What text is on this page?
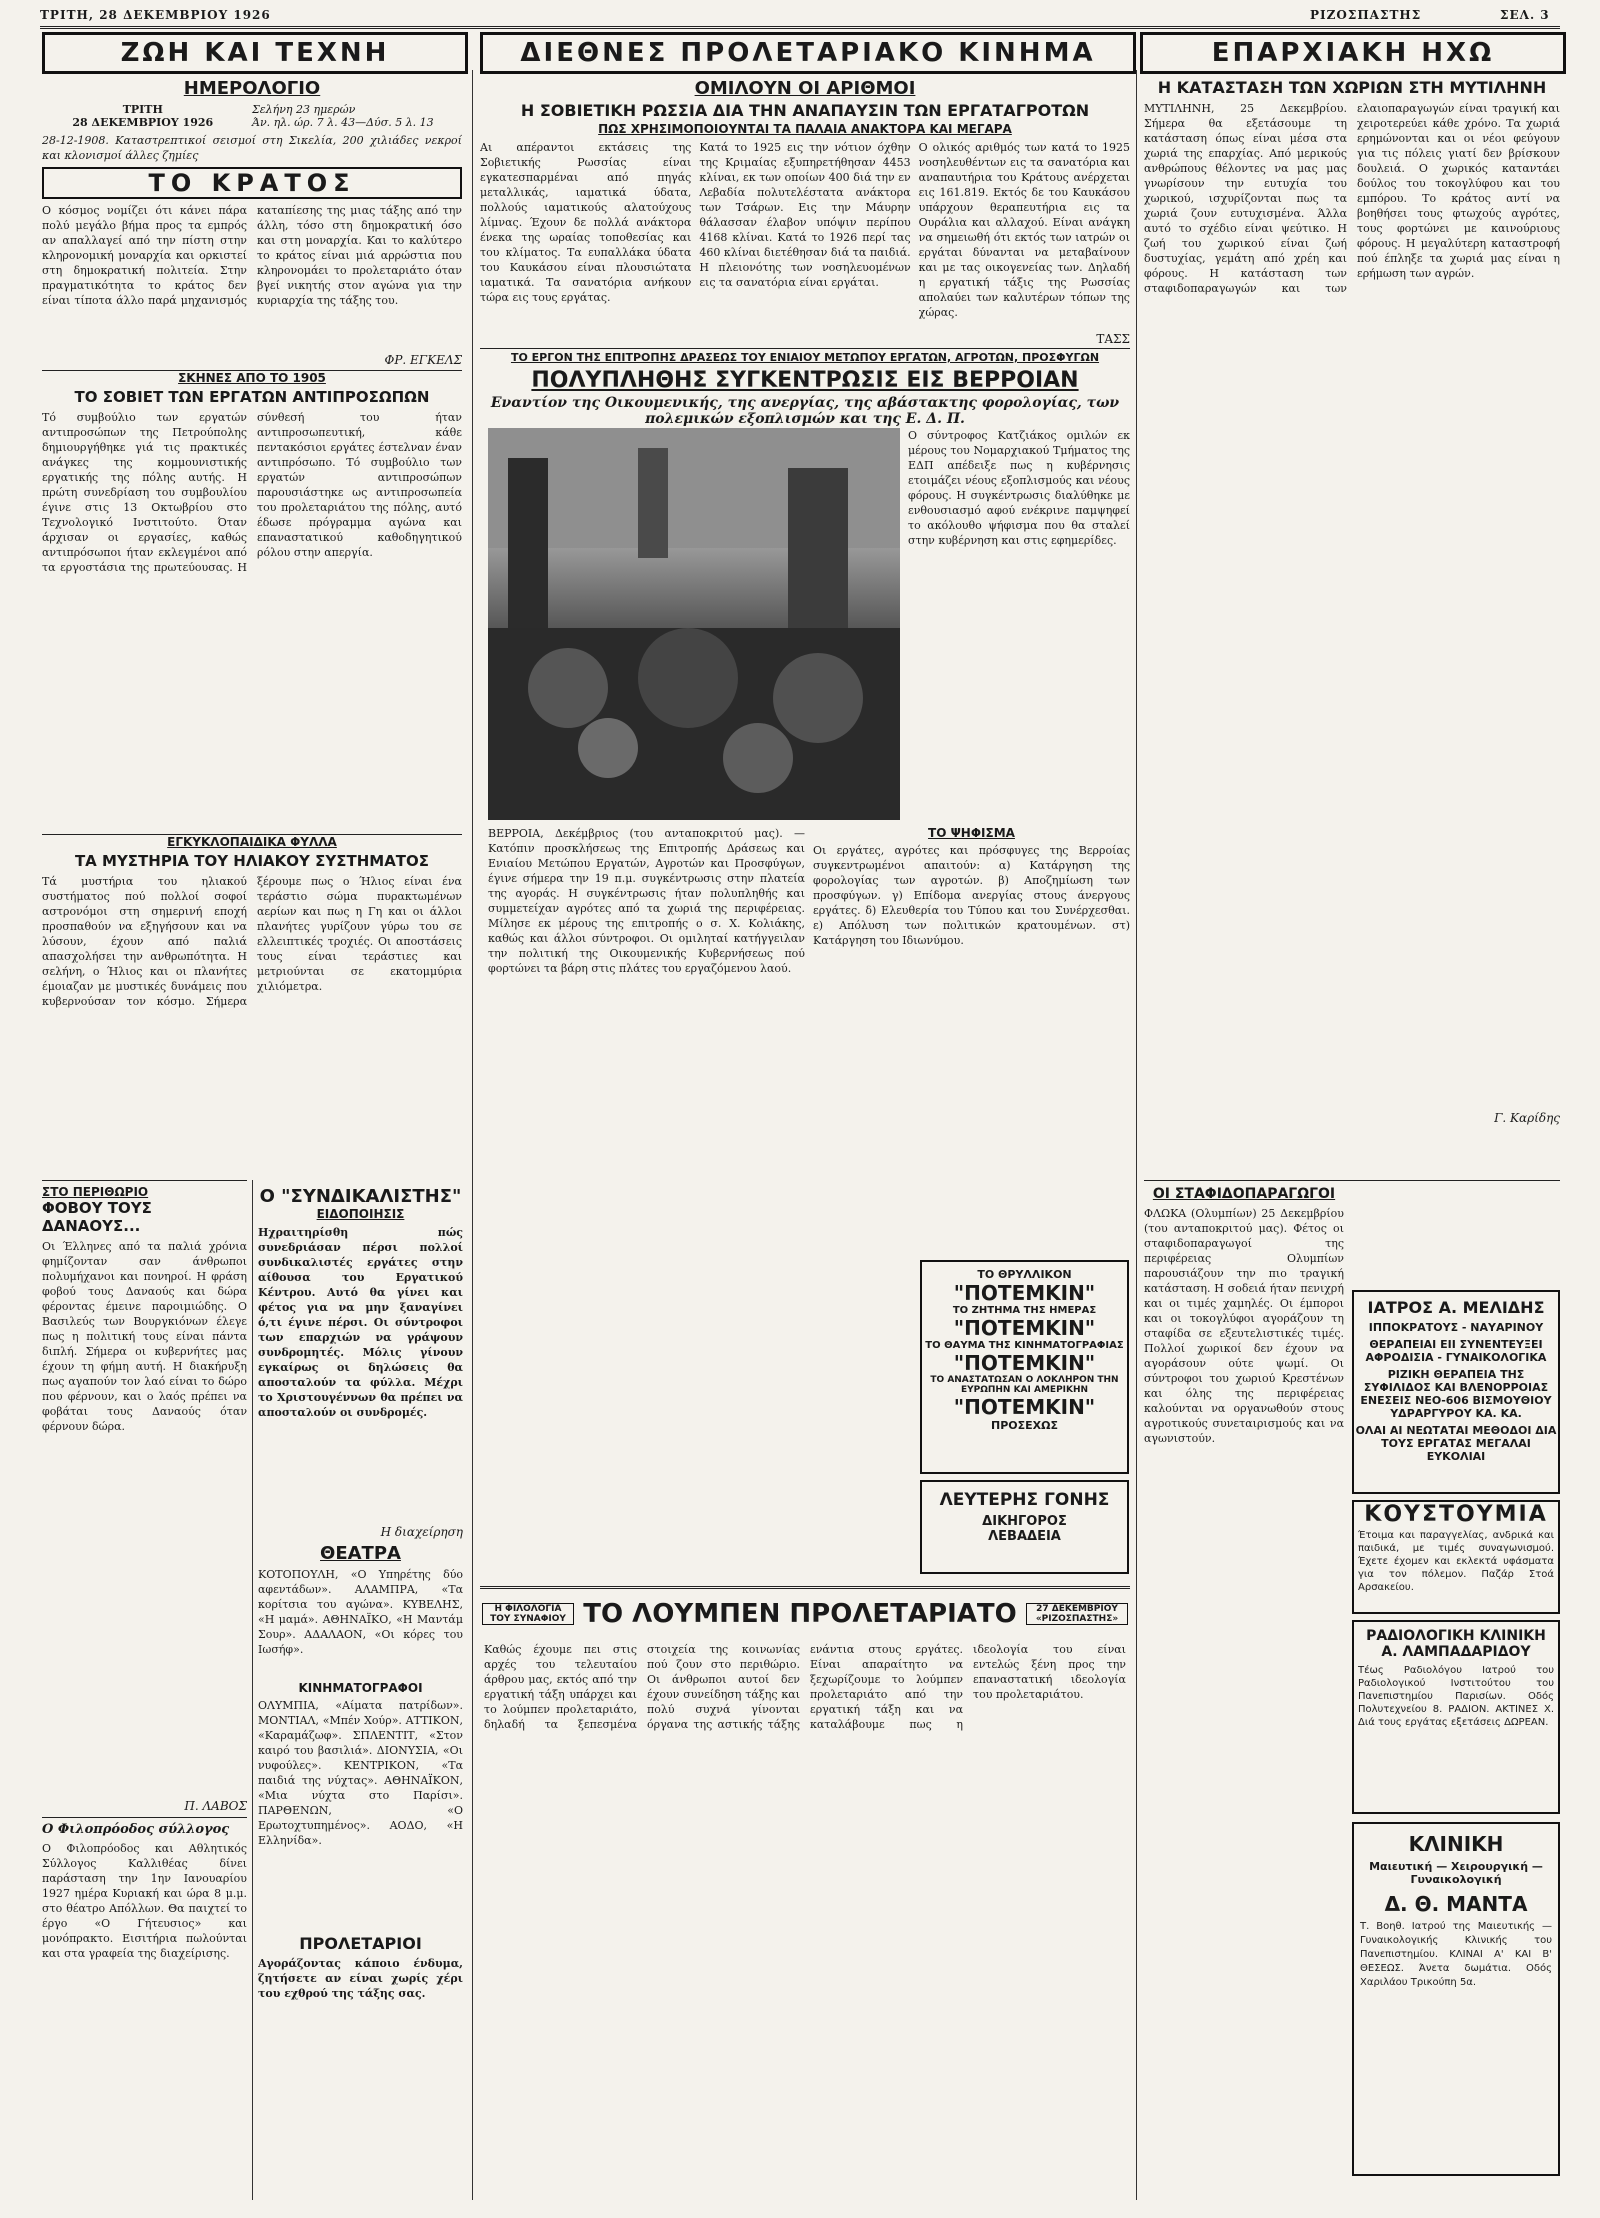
ΤΡΙΤΗ, 28 ΔΕΚΕΜΒΡΙΟΥ 1926	ΡΙΖΟΣΠΑΣΤΗΣ	ΣΕΛ. 3
ΖΩΗ ΚΑΙ ΤΕΧΝΗ	ΔΙΕΘΝΕΣ ΠΡΟΛΕΤΑΡΙΑΚΟ ΚΙΝΗΜΑ	ΕΠΑΡΧΙΑΚΗ ΗΧΩ
ΗΜΕΡΟΛΟΓΙΟ
ΤΡΙΤΗ
28 ΔΕΚΕΜΒΡΙΟΥ 1926
Σελήνη 23 ημερών
Άν. ηλ. ώρ. 7 λ. 43—Δύσ. 5 λ. 13
28-12-1908. Καταστρεπτικοί σεισμοί στη Σικελία, 200 χιλιάδες νεκροί και κλονισμοί άλλες ζημίες
ΤΟ ΚΡΑΤΟΣ
Ο κόσμος νομίζει ότι κάνει πάρα πολύ μεγάλο βήμα προς τα εμπρός αν απαλλαγεί από την πίστη στην κληρονομική μοναρχία και ορκιστεί στη δημοκρατική πολιτεία. Στην πραγματικότητα το κράτος δεν είναι τίποτα άλλο παρά μηχανισμός καταπίεσης της μιας τάξης από την άλλη, τόσο στη δημοκρατική όσο και στη μοναρχία. Και το καλύτερο το κράτος είναι μιά αρρώστια που κληρονομάει το προλεταριάτο όταν βγεί νικητής στον αγώνα για την κυριαρχία της τάξης του.
ΦΡ. ΕΓΚΕΛΣ
ΣΚΗΝΕΣ ΑΠΟ ΤΟ 1905
ΤΟ ΣΟΒΙΕΤ ΤΩΝ ΕΡΓΑΤΩΝ ΑΝΤΙΠΡΟΣΩΠΩΝ
Τό συμβούλιο των εργατών αντιπροσώπων της Πετρούπολης δημιουργήθηκε γιά τις πρακτικές ανάγκες της κομμουνιστικής εργατικής της πόλης αυτής. Η πρώτη συνεδρίαση του συμβουλίου έγινε στις 13 Οκτωβρίου στο Τεχνολογικό Ινστιτούτο. Όταν άρχισαν οι εργασίες, καθώς αντιπρόσωποι ήταν εκλεγμένοι από τα εργοστάσια της πρωτεύουσας. Η σύνθεσή του ήταν αντιπροσωπευτική, κάθε πεντακόσιοι εργάτες έστελναν έναν αντιπρόσωπο. Τό συμβούλιο των εργατών αντιπροσώπων παρουσιάστηκε ως αντιπροσωπεία του προλεταριάτου της πόλης, αυτό έδωσε πρόγραμμα αγώνα και επαναστατικού καθοδηγητικού ρόλου στην απεργία.
ΕΓΚΥΚΛΟΠΑΙΔΙΚΑ ΦΥΛΛΑ
ΤΑ ΜΥΣΤΗΡΙΑ ΤΟΥ ΗΛΙΑΚΟΥ ΣΥΣΤΗΜΑΤΟΣ
Τά μυστήρια του ηλιακού συστήματος πού πολλοί σοφοί αστρονόμοι στη σημερινή εποχή προσπαθούν να εξηγήσουν και να λύσουν, έχουν από παλιά απασχολήσει την ανθρωπότητα. Η σελήνη, ο Ήλιος και οι πλανήτες έμοιαζαν με μυστικές δυνάμεις που κυβερνούσαν τον κόσμο. Σήμερα ξέρουμε πως ο Ήλιος είναι ένα τεράστιο σώμα πυρακτωμένων αερίων και πως η Γη και οι άλλοι πλανήτες γυρίζουν γύρω του σε ελλειπτικές τροχιές. Οι αποστάσεις τους είναι τεράστιες και μετριούνται σε εκατομμύρια χιλιόμετρα.
ΣΤΟ ΠΕΡΙΘΩΡΙΟ
ΦΟΒΟΥ ΤΟΥΣ ΔΑΝΑΟΥΣ...
Οι Έλληνες από τα παλιά χρόνια φημίζονταν σαν άνθρωποι πολυμήχανοι και πονηροί. Η φράση φοβού τους Δαναούς και δώρα φέροντας έμεινε παροιμιώδης. Ο Βασιλεύς των Βουργκιόνων έλεγε πως η πολιτική τους είναι πάντα διπλή. Σήμερα οι κυβερνήτες μας έχουν τη φήμη αυτή. Η διακήρυξη πως αγαπούν τον λαό είναι το δώρο που φέρνουν, και ο λαός πρέπει να φοβάται τους Δαναούς όταν φέρνουν δώρα.
Π. ΛΑΒΟΣ
Ο Φιλοπρόοδος σύλλογος
Ο Φιλοπρόοδος και Αθλητικός Σύλλογος Καλλιθέας δίνει παράσταση την 1ην Ιανουαρίου 1927 ημέρα Κυριακή και ώρα 8 μ.μ. στο θέατρο Απόλλων. Θα παιχτεί το έργο «Ο Γήτευσιος» και μονόπρακτο. Εισιτήρια πωλούνται και στα γραφεία της διαχείρισης.
Ο "ΣΥΝΔΙΚΑΛΙΣΤΗΣ"
ΕΙΔΟΠΟΙΗΣΙΣ
Ηχραιτηρίσθη πώς συνεδριάσαν πέρσι πολλοί συνδικαλιστές εργάτες στην αίθουσα του Εργατικού Κέντρου. Αυτό θα γίνει και φέτος για να μην ξαναγίνει ό,τι έγινε πέρσι. Οι σύντροφοι των επαρχιών να γράψουν συνδρομητές. Μόλις γίνουν εγκαίρως οι δηλώσεις θα αποσταλούν τα φύλλα. Μέχρι το Χριστουγέννων θα πρέπει να αποσταλούν οι συνδρομές.
Η διαχείρηση
ΘΕΑΤΡΑ
ΚΟΤΟΠΟΥΛΗ, «Ο Υπηρέτης δύο αφεντάδων». ΑΛΑΜΠΡΑ, «Τα κορίτσια του αγώνα». ΚΥΒΕΛΗΣ, «Η μαμά». ΑΘΗΝΑΪΚΟ, «Η Μαντάμ Σουρ». ΑΔΑΛΑΟΝ, «Οι κόρες του Ιωσήφ».
ΚΙΝΗΜΑΤΟΓΡΑΦΟΙ
ΟΛΥΜΠΙΑ, «Αίματα πατρίδων». ΜΟΝΤΙΑΛ, «Μπέν Χούρ». ΑΤΤΙΚΟΝ, «Καραμάζωφ». ΣΠΛΕΝΤΙΤ, «Στον καιρό του βασιλιά». ΔΙΟΝΥΣΙΑ, «Οι νυφούλες». ΚΕΝΤΡΙΚΟΝ, «Τα παιδιά της νύχτας». ΑΘΗΝΑΪΚΟΝ, «Μια νύχτα στο Παρίσι». ΠΑΡΘΕΝΩΝ, «Ο Ερωτοχτυπημένος». ΑΟΔΟ, «Η Ελληνίδα».
ΠΡΟΛΕΤΑΡΙΟΙ
Αγοράζοντας κάποιο ένδυμα, ζητήσετε αν είναι χωρίς χέρι του εχθρού της τάξης σας.
ΟΜΙΛΟΥΝ ΟΙ ΑΡΙΘΜΟΙ
Η ΣΟΒΙΕΤΙΚΗ ΡΩΣΣΙΑ ΔΙΑ ΤΗΝ ΑΝΑΠΑΥΣΙΝ ΤΩΝ ΕΡΓΑΤΑΓΡΟΤΩΝ
ΠΩΣ ΧΡΗΣΙΜΟΠΟΙΟΥΝΤΑΙ ΤΑ ΠΑΛΑΙΑ ΑΝΑΚΤΟΡΑ ΚΑΙ ΜΕΓΑΡΑ
Αι απέραντοι εκτάσεις της Σοβιετικής Ρωσσίας είναι εγκατεσπαρμέναι από πηγάς μεταλλικάς, ιαματικά ύδατα, πολλούς ιαματικούς αλατούχους λίμνας. Έχουν δε πολλά ανάκτορα ένεκα της ωραίας τοποθεσίας και του κλίματος. Τα ευπαλλάκα ύδατα του Καυκάσου είναι πλουσιώτατα ιαματικά. Τα σανατόρια ανήκουν τώρα εις τους εργάτας.
Κατά το 1925 εις την νότιον όχθην της Κριμαίας εξυπηρετήθησαν 4453 κλίναι, εκ των οποίων 400 διά την εν Λεβαδία πολυτελέστατα ανάκτορα των Τσάρων. Εις την Μάυρην θάλασσαν έλαβον υπόψιν περίπου 4168 κλίναι. Κατά το 1926 περί τας 460 κλίναι διετέθησαν διά τα παιδιά. Η πλειονότης των νοσηλευομένων εις τα σανατόρια είναι εργάται.
Ο ολικός αριθμός των κατά το 1925 νοσηλευθέντων εις τα σανατόρια και αναπαυτήρια του Κράτους ανέρχεται εις 161.819. Εκτός δε του Καυκάσου υπάρχουν θεραπευτήρια εις τα Ουράλια και αλλαχού. Είναι ανάγκη να σημειωθή ότι εκτός των ιατρών οι εργάται δύνανται να μεταβαίνουν και με τας οικογενείας των. Δηλαδή η εργατική τάξις της Ρωσσίας απολαύει των καλυτέρων τόπων της χώρας.
ΤΑΣΣ
ΤΟ ΕΡΓΟΝ ΤΗΣ ΕΠΙΤΡΟΠΗΣ ΔΡΑΣΕΩΣ ΤΟΥ ΕΝΙΑΙΟΥ ΜΕΤΩΠΟΥ ΕΡΓΑΤΩΝ, ΑΓΡΟΤΩΝ, ΠΡΟΣΦΥΓΩΝ
ΠΟΛΥΠΛΗΘΗΣ ΣΥΓΚΕΝΤΡΩΣΙΣ ΕΙΣ ΒΕΡΡΟΙΑΝ
Εναντίον της Οικουμενικής, της ανεργίας, της αβάστακτης φορολογίας, των πολεμικών εξοπλισμών και της Ε. Δ. Π.
Ο σύντροφος Κατζιάκος ομιλών εκ μέρους του Νομαρχιακού Τμήματος της ΕΔΠ απέδειξε πως η κυβέρνησις ετοιμάζει νέους εξοπλισμούς και νέους φόρους. Η συγκέντρωσις διαλύθηκε με ενθουσιασμό αφού ενέκρινε παμψηφεί το ακόλουθο ψήφισμα που θα σταλεί στην κυβέρνηση και στις εφημερίδες.
ΒΕΡΡΟΙΑ, Δεκέμβριος (του ανταποκριτού μας). — Κατόπιν προσκλήσεως της Επιτροπής Δράσεως και Ενιαίου Μετώπου Εργατών, Αγροτών και Προσφύγων, έγινε σήμερα την 19 π.μ. συγκέντρωσις στην πλατεία της αγοράς. Η συγκέντρωσις ήταν πολυπληθής και συμμετείχαν αγρότες από τα χωριά της περιφέρειας. Μίλησε εκ μέρους της επιτροπής ο σ. Χ. Κολιάκης, καθώς και άλλοι σύντροφοι. Οι ομιληταί κατήγγειλαν την πολιτική της Οικουμενικής Κυβερνήσεως πού φορτώνει τα βάρη στις πλάτες του εργαζόμενου λαού.
ΤΟ ΨΗΦΙΣΜΑ
Οι εργάτες, αγρότες και πρόσφυγες της Βερροίας συγκεντρωμένοι απαιτούν: α) Κατάργηση της φορολογίας των αγροτών. β) Αποζημίωση των προσφύγων. γ) Επίδομα ανεργίας στους άνεργους εργάτες. δ) Ελευθερία του Τύπου και του Συνέρχεσθαι. ε) Απόλυση των πολιτικών κρατουμένων. στ) Κατάργηση του Ιδιωνύμου.
ΤΟ ΘΡΥΛΛΙΚΟΝ
"ΠΟΤΕΜΚΙΝ"
ΤΟ ΖΗΤΗΜΑ ΤΗΣ ΗΜΕΡΑΣ
"ΠΟΤΕΜΚΙΝ"
ΤΟ ΘΑΥΜΑ ΤΗΣ ΚΙΝΗΜΑΤΟΓΡΑΦΙΑΣ
"ΠΟΤΕΜΚΙΝ"
ΤΟ ΑΝΑΣΤΑΤΩΣΑΝ Ο ΛΟΚΛΗΡΟΝ ΤΗΝ ΕΥΡΩΠΗΝ ΚΑΙ ΑΜΕΡΙΚΗΝ
"ΠΟΤΕΜΚΙΝ"
ΠΡΟΣΕΧΩΣ
ΛΕΥΤΕΡΗΣ ΓΟΝΗΣ
ΔΙΚΗΓΟΡΟΣ
ΛΕΒΑΔΕΙΑ
Η ΦΙΛΟΛΟΓΙΑ ΤΟΥ ΣΥΝΑΦΙΟΥ ΤΟ ΛΟΥΜΠΕΝ ΠΡΟΛΕΤΑΡΙΑΤΟ	27 ΔΕΚΕΜΒΡΙΟΥ «ΡΙΖΟΣΠΑΣΤΗΣ»
Καθώς έχουμε πει στις αρχές του τελευταίου άρθρου μας, εκτός από την εργατική τάξη υπάρχει και το λούμπεν προλεταριάτο, δηλαδή τα ξεπεσμένα στοιχεία της κοινωνίας πού ζουν στο περιθώριο. Οι άνθρωποι αυτοί δεν έχουν συνείδηση τάξης και πολύ συχνά γίνονται όργανα της αστικής τάξης ενάντια στους εργάτες. Είναι απαραίτητο να ξεχωρίζουμε το λούμπεν προλεταριάτο από την εργατική τάξη και να καταλάβουμε πως η ιδεολογία του είναι εντελώς ξένη προς την επαναστατική ιδεολογία του προλεταριάτου.
Η ΚΑΤΑΣΤΑΣΗ ΤΩΝ ΧΩΡΙΩΝ ΣΤΗ ΜΥΤΙΛΗΝΗ
ΜΥΤΙΛΗΝΗ, 25 Δεκεμβρίου. Σήμερα θα εξετάσουμε τη κατάσταση όπως είναι μέσα στα χωριά της επαρχίας. Από μερικούς ανθρώπους θέλοντες να μας μας γνωρίσουν την ευτυχία του χωρικού, ισχυρίζονται πως τα χωριά ζουν ευτυχισμένα. Άλλα αυτό το σχέδιο είναι ψεύτικο. Η ζωή του χωρικού είναι ζωή δυστυχίας, γεμάτη από χρέη και φόρους. Η κατάσταση των σταφιδοπαραγωγών και των ελαιοπαραγωγών είναι τραγική και χειροτερεύει κάθε χρόνο. Τα χωριά ερημώνονται και οι νέοι φεύγουν για τις πόλεις γιατί δεν βρίσκουν δουλειά. Ο χωρικός καταντάει δούλος του τοκογλύφου και του εμπόρου. Το κράτος αντί να βοηθήσει τους φτωχούς αγρότες, τους φορτώνει με καινούριους φόρους. Η μεγαλύτερη καταστροφή πού έπληξε τα χωριά μας είναι η ερήμωση των αγρών.
Γ. Καρίδης
ΟΙ ΣΤΑΦΙΔΟΠΑΡΑΓΩΓΟΙ
ΦΛΩΚΑ (Ολυμπίων) 25 Δεκεμβρίου (του ανταποκριτού μας). Φέτος οι σταφιδοπαραγωγοί της περιφέρειας Ολυμπίων παρουσιάζουν την πιο τραγική κατάσταση. Η σοδειά ήταν πενιχρή και οι τιμές χαμηλές. Οι έμποροι και οι τοκογλύφοι αγοράζουν τη σταφίδα σε εξευτελιστικές τιμές. Πολλοί χωρικοί δεν έχουν να αγοράσουν ούτε ψωμί. Οι σύντροφοι του χωριού Κρεστένων και όλης της περιφέρειας καλούνται να οργανωθούν στους αγροτικούς συνεταιρισμούς και να αγωνιστούν.
ΙΑΤΡΟΣ Α. ΜΕΛΙΔΗΣ
ΙΠΠΟΚΡΑΤΟΥΣ - ΝΑΥΑΡΙΝΟΥ
ΘΕΡΑΠΕΙΑΙ ΕΙΙ ΣΥΝΕΝΤΕΥΞΕΙ ΑΦΡΟΔΙΣΙΑ - ΓΥΝΑΙΚΟΛΟΓΙΚΑ
ΡΙΖΙΚΗ ΘΕΡΑΠΕΙΑ ΤΗΣ ΣΥΦΙΛΙΔΟΣ ΚΑΙ ΒΛΕΝΟΡΡΟΙΑΣ ΕΝΕΣΕΙΣ ΝΕΟ-606 ΒΙΣΜΟΥΘΙΟΥ ΥΔΡΑΡΓΥΡΟΥ ΚΑ. ΚΑ.
ΟΛΑΙ ΑΙ ΝΕΩΤΑΤΑΙ ΜΕΘΟΔΟΙ ΔΙΑ ΤΟΥΣ ΕΡΓΑΤΑΣ ΜΕΓΑΛΑΙ ΕΥΚΟΛΙΑΙ
ΚΟΥΣΤΟΥΜΙΑ
Έτοιμα και παραγγελίας, ανδρικά και παιδικά, με τιμές συναγωνισμού. Έχετε έχομεν και εκλεκτά υφάσματα για τον πόλεμον. Παζάρ Στοά Αρσακείου.
ΡΑΔΙΟΛΟΓΙΚΗ ΚΛΙΝΙΚΗ
Α. ΛΑΜΠΑΔΑΡΙΔΟΥ
Τέως Ραδιολόγου Ιατρού του Ραδιολογικού Ινστιτούτου του Πανεπιστημίου Παρισίων. Οδός Πολυτεχνείου 8. ΡΑΔΙΟΝ. ΑΚΤΙΝΕΣ Χ. Διά τους εργάτας εξετάσεις ΔΩΡΕΑΝ.
ΚΛΙΝΙΚΗ
Μαιευτική — Χειρουργική — Γυναικολογική
Δ. Θ. ΜΑΝΤΑ
Τ. Βοηθ. Ιατρού της Μαιευτικής — Γυναικολογικής Κλινικής του Πανεπιστημίου. ΚΛΙΝΑΙ Α' ΚΑΙ Β' ΘΕΣΕΩΣ. Άνετα δωμάτια. Οδός Χαριλάου Τρικούπη 5α.
